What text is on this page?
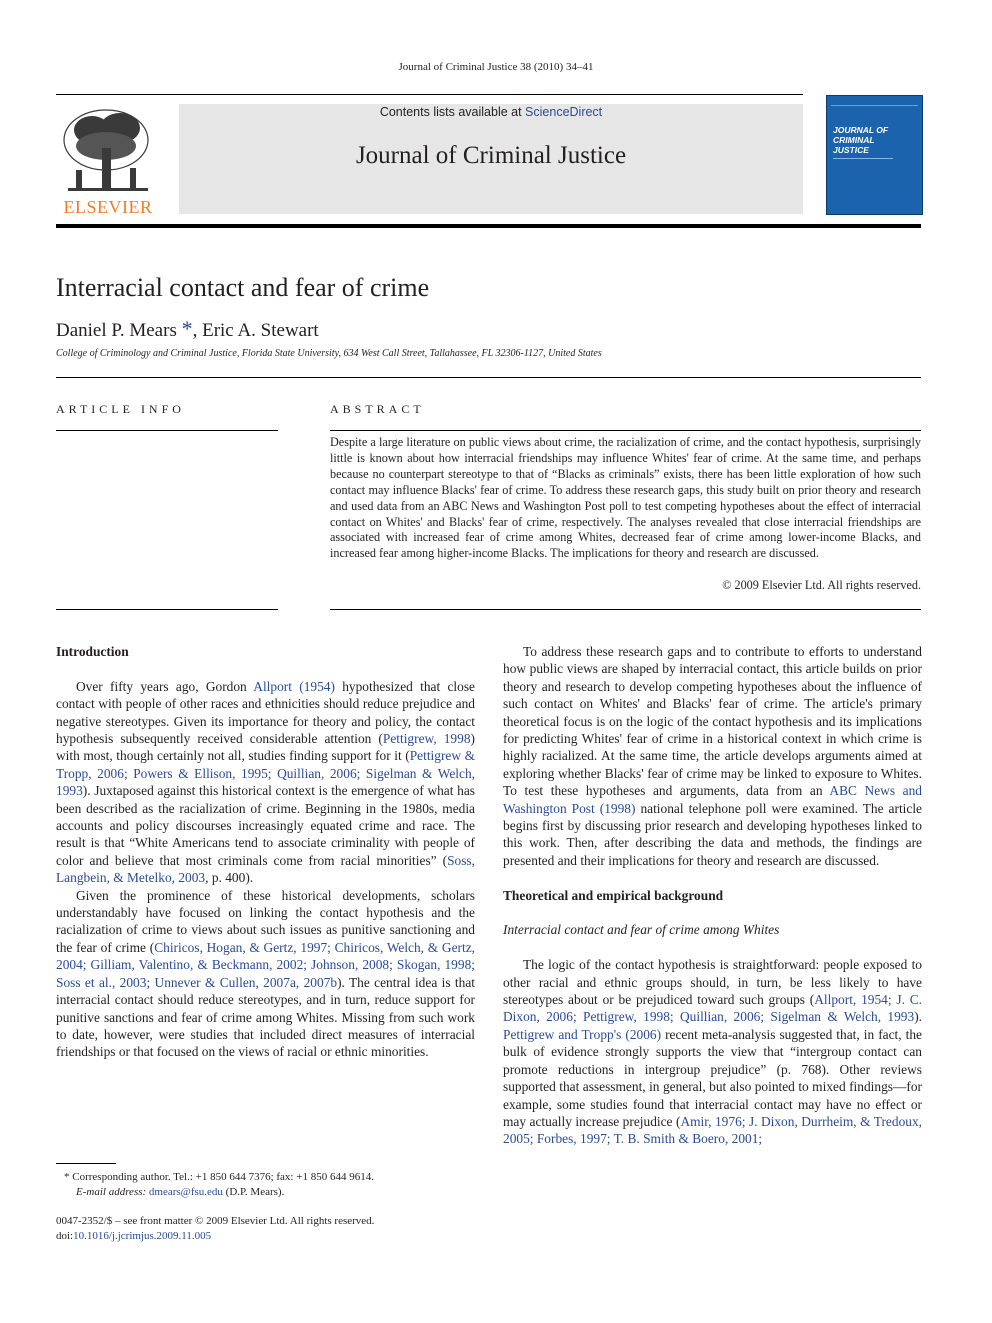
Journal of Criminal Justice 38 (2010) 34–41
ELSEVIER
Contents lists available at ScienceDirect
Journal of Criminal Justice
JOURNAL OF CRIMINAL JUSTICE
Interracial contact and fear of crime
Daniel P. Mears *, Eric A. Stewart
College of Criminology and Criminal Justice, Florida State University, 634 West Call Street, Tallahassee, FL 32306-1127, United States
ARTICLE INFO	ABSTRACT
Despite a large literature on public views about crime, the racialization of crime, and the contact hypothesis, surprisingly little is known about how interracial friendships may influence Whites' fear of crime. At the same time, and perhaps because no counterpart stereotype to that of “Blacks as criminals” exists, there has been little exploration of how such contact may influence Blacks' fear of crime. To address these research gaps, this study built on prior theory and research and used data from an ABC News and Washington Post poll to test competing hypotheses about the effect of interracial contact on Whites' and Blacks' fear of crime, respectively. The analyses revealed that close interracial friendships are associated with increased fear of crime among Whites, decreased fear of crime among lower-income Blacks, and increased fear among higher-income Blacks. The implications for theory and research are discussed.
© 2009 Elsevier Ltd. All rights reserved.
Introduction

Over fifty years ago, Gordon Allport (1954) hypothesized that close contact with people of other races and ethnicities should reduce prejudice and negative stereotypes. Given its importance for theory and policy, the contact hypothesis subsequently received considerable attention (Pettigrew, 1998) with most, though certainly not all, studies finding support for it (Pettigrew & Tropp, 2006; Powers & Ellison, 1995; Quillian, 2006; Sigelman & Welch, 1993). Juxtaposed against this historical context is the emergence of what has been described as the racialization of crime. Beginning in the 1980s, media accounts and policy discourses increasingly equated crime and race. The result is that “White Americans tend to associate criminality with people of color and believe that most criminals come from racial minorities” (Soss, Langbein, & Metelko, 2003, p. 400).

Given the prominence of these historical developments, scholars understandably have focused on linking the contact hypothesis and the racialization of crime to views about such issues as punitive sanctioning and the fear of crime (Chiricos, Hogan, & Gertz, 1997; Chiricos, Welch, & Gertz, 2004; Gilliam, Valentino, & Beckmann, 2002; Johnson, 2008; Skogan, 1998; Soss et al., 2003; Unnever & Cullen, 2007a, 2007b). The central idea is that interracial contact should reduce stereotypes, and in turn, reduce support for punitive sanctions and fear of crime among Whites. Missing from such work to date, however, were studies that included direct measures of interracial friendships or that focused on the views of racial or ethnic minorities.

To address these research gaps and to contribute to efforts to understand how public views are shaped by interracial contact, this article builds on prior theory and research to develop competing hypotheses about the influence of such contact on Whites' and Blacks' fear of crime. The article's primary theoretical focus is on the logic of the contact hypothesis and its implications for predicting Whites' fear of crime in a historical context in which crime is highly racialized. At the same time, the article develops arguments aimed at exploring whether Blacks' fear of crime may be linked to exposure to Whites. To test these hypotheses and arguments, data from an ABC News and Washington Post (1998) national telephone poll were examined. The article begins first by discussing prior research and developing hypotheses linked to this work. Then, after describing the data and methods, the findings are presented and their implications for theory and research are discussed.

Theoretical and empirical background
Interracial contact and fear of crime among Whites

The logic of the contact hypothesis is straightforward: people exposed to other racial and ethnic groups should, in turn, be less likely to have stereotypes about or be prejudiced toward such groups (Allport, 1954; J. C. Dixon, 2006; Pettigrew, 1998; Quillian, 2006; Sigelman & Welch, 1993). Pettigrew and Tropp's (2006) recent meta-analysis suggested that, in fact, the bulk of evidence strongly supports the view that “intergroup contact can promote reductions in intergroup prejudice” (p. 768). Other reviews supported that assessment, in general, but also pointed to mixed findings—for example, some studies found that interracial contact may have no effect or may actually increase prejudice (Amir, 1976; J. Dixon, Durrheim, & Tredoux, 2005; Forbes, 1997; T. B. Smith & Boero, 2001;

* Corresponding author. Tel.: +1 850 644 7376; fax: +1 850 644 9614.
E-mail address: dmears@fsu.edu (D.P. Mears).
0047-2352/$ – see front matter © 2009 Elsevier Ltd. All rights reserved.
doi:10.1016/j.jcrimjus.2009.11.005
